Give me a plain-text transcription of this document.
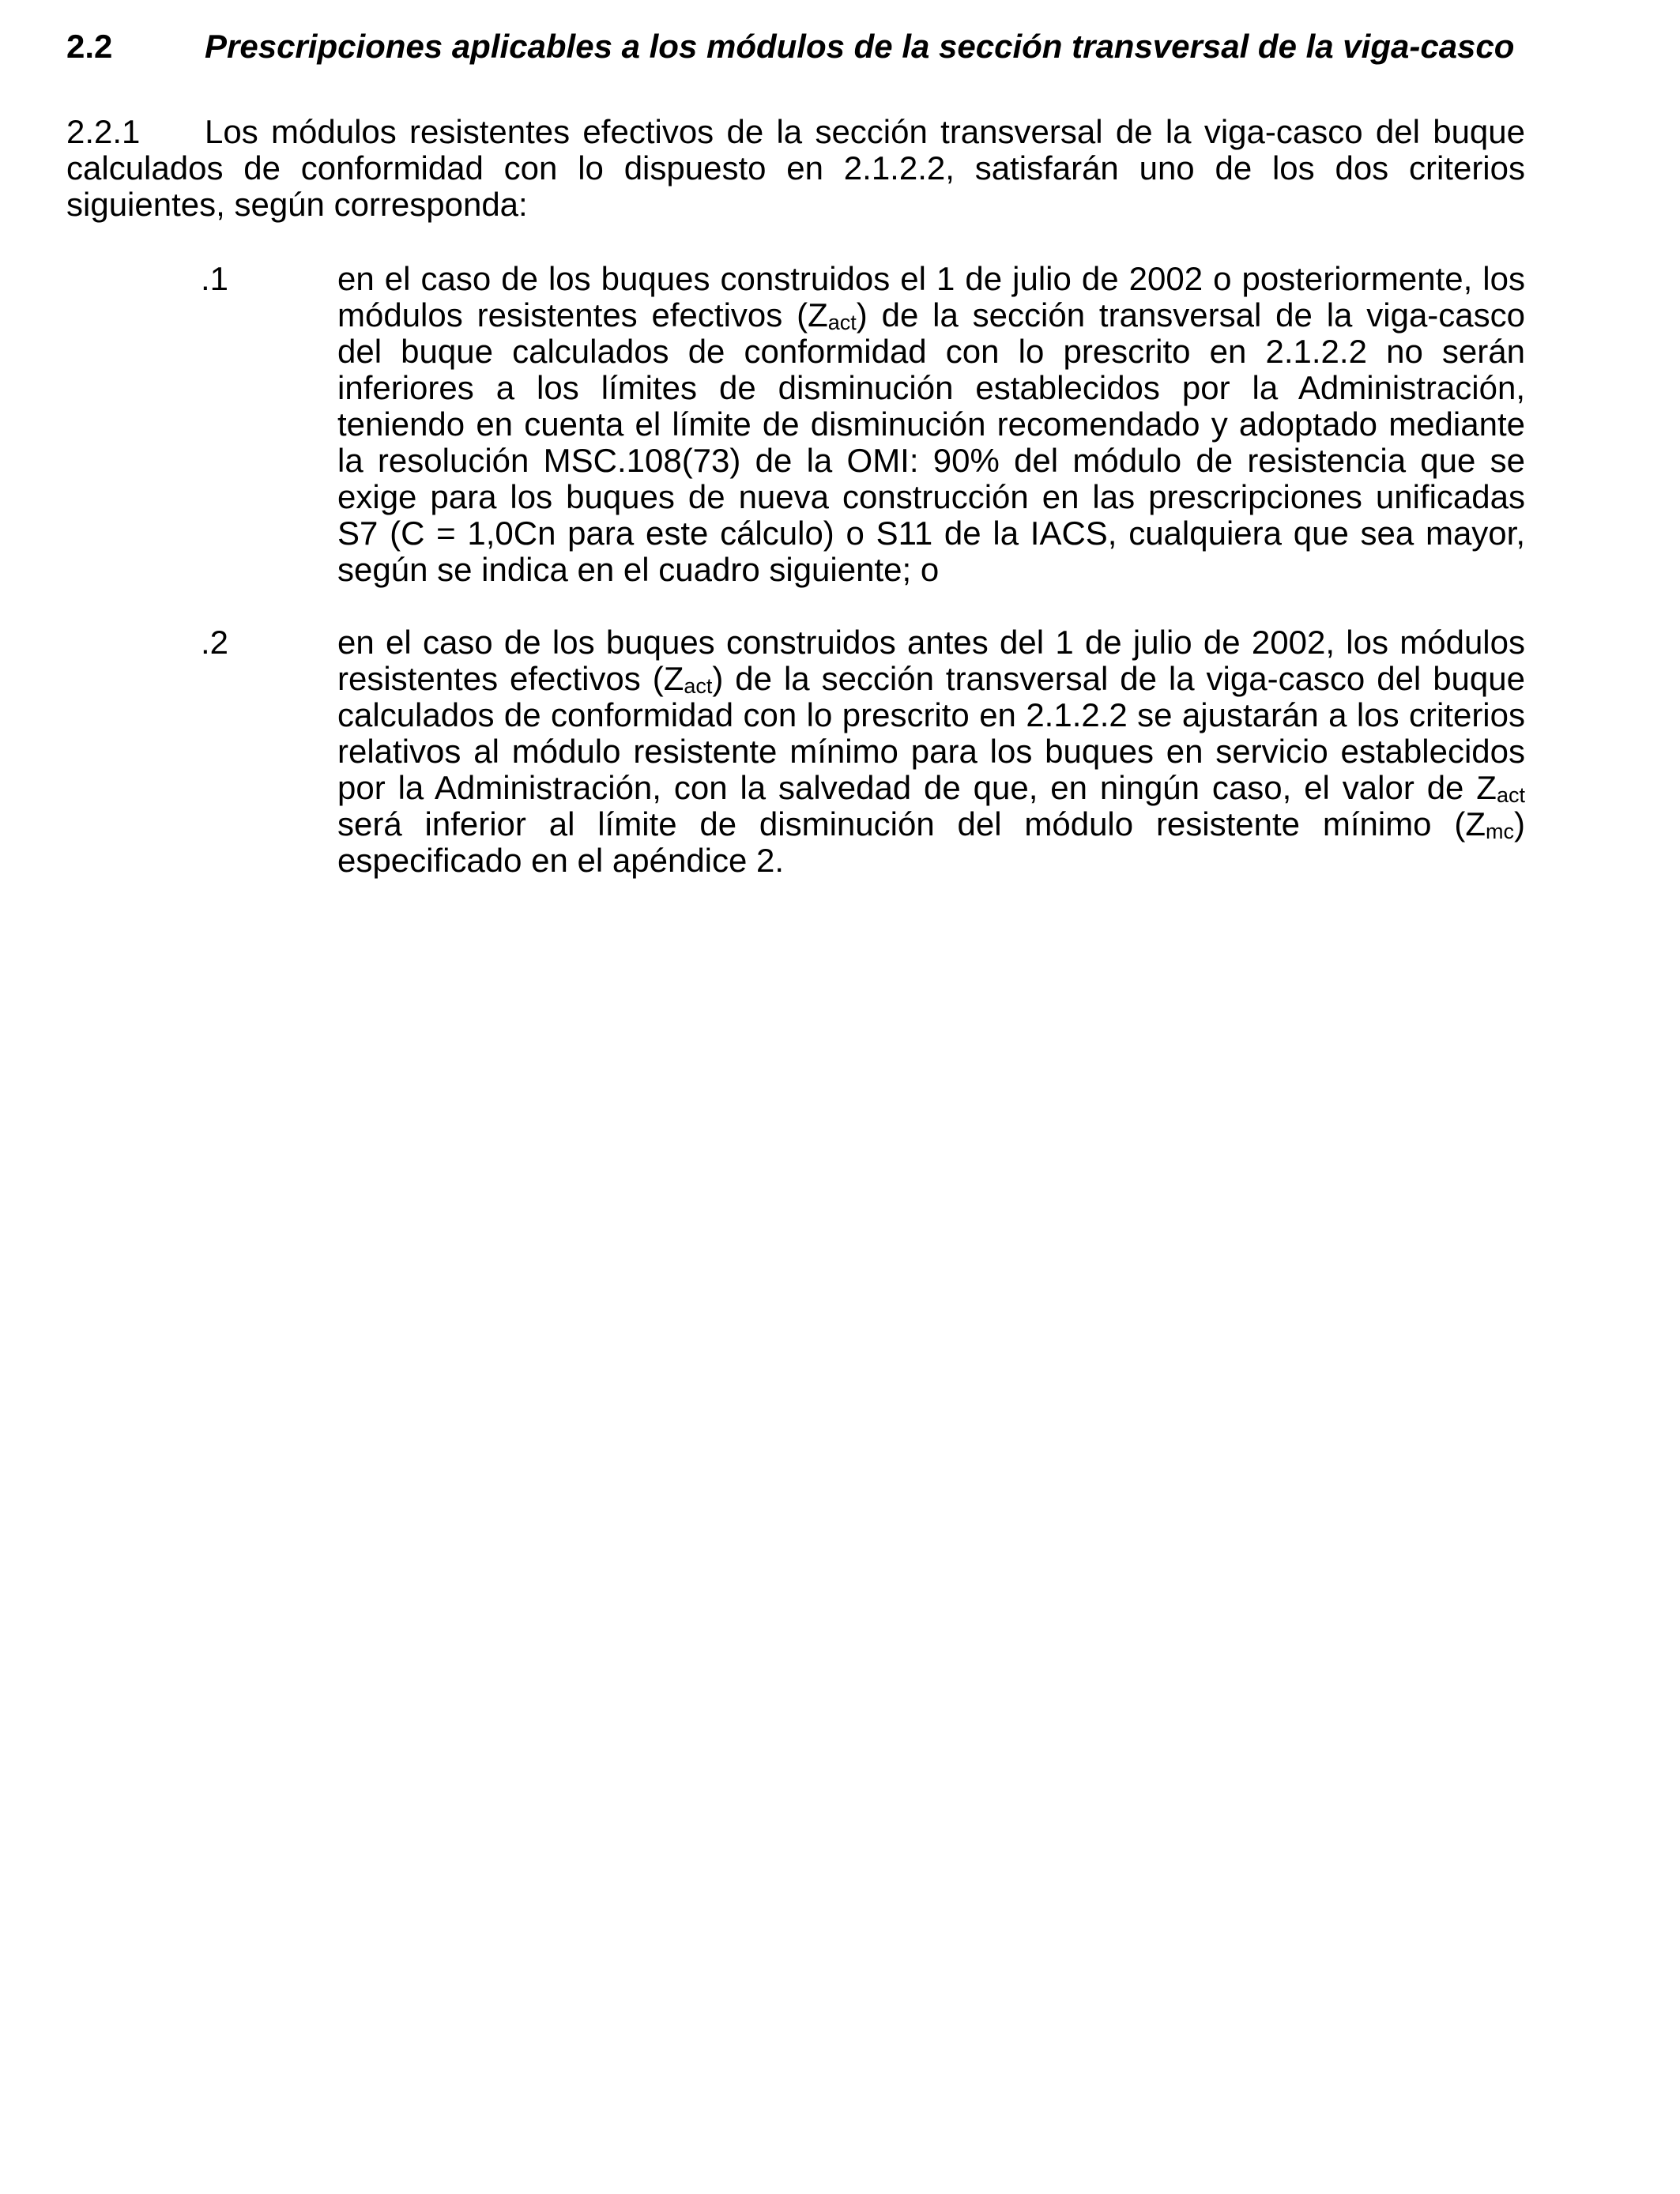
2.2	Prescripciones aplicables a los módulos de la sección transversal de la viga-casco
2.2.1 Los módulos resistentes efectivos de la sección transversal de la viga-casco del buque calculados de conformidad con lo dispuesto en 2.1.2.2, satisfarán uno de los dos criterios siguientes, según corresponda:
.1	en el caso de los buques construidos el 1 de julio de 2002 o posteriormente, los módulos resistentes efectivos $(Z_{act})$ de la sección transversal de la viga-casco del buque calculados de conformidad con lo prescrito en 2.1.2.2 no serán inferiores a los límites de disminución establecidos por la Administración, teniendo en cuenta el límite de disminución recomendado y adoptado mediante la resolución MSC.108(73) de la OMI: 90% del módulo de resistencia que se exige para los buques de nueva construcción en las prescripciones unificadas S7 (C = 1,0Cn para este cálculo) o S11 de la IACS, cualquiera que sea mayor, según se indica en el cuadro siguiente; o
.2	en el caso de los buques construidos antes del 1 de julio de 2002, los módulos resistentes efectivos $(Z_{act})$ de la sección transversal de la viga-casco del buque calculados de conformidad con lo prescrito en 2.1.2.2 se ajustarán a los criterios relativos al módulo resistente mínimo para los buques en servicio establecidos por la Administración, con la salvedad de que, en ningún caso, el valor de $Z_{act}$ será inferior al límite de disminución del módulo resistente mínimo $(Z_{mc})$ especificado en el apéndice 2.
